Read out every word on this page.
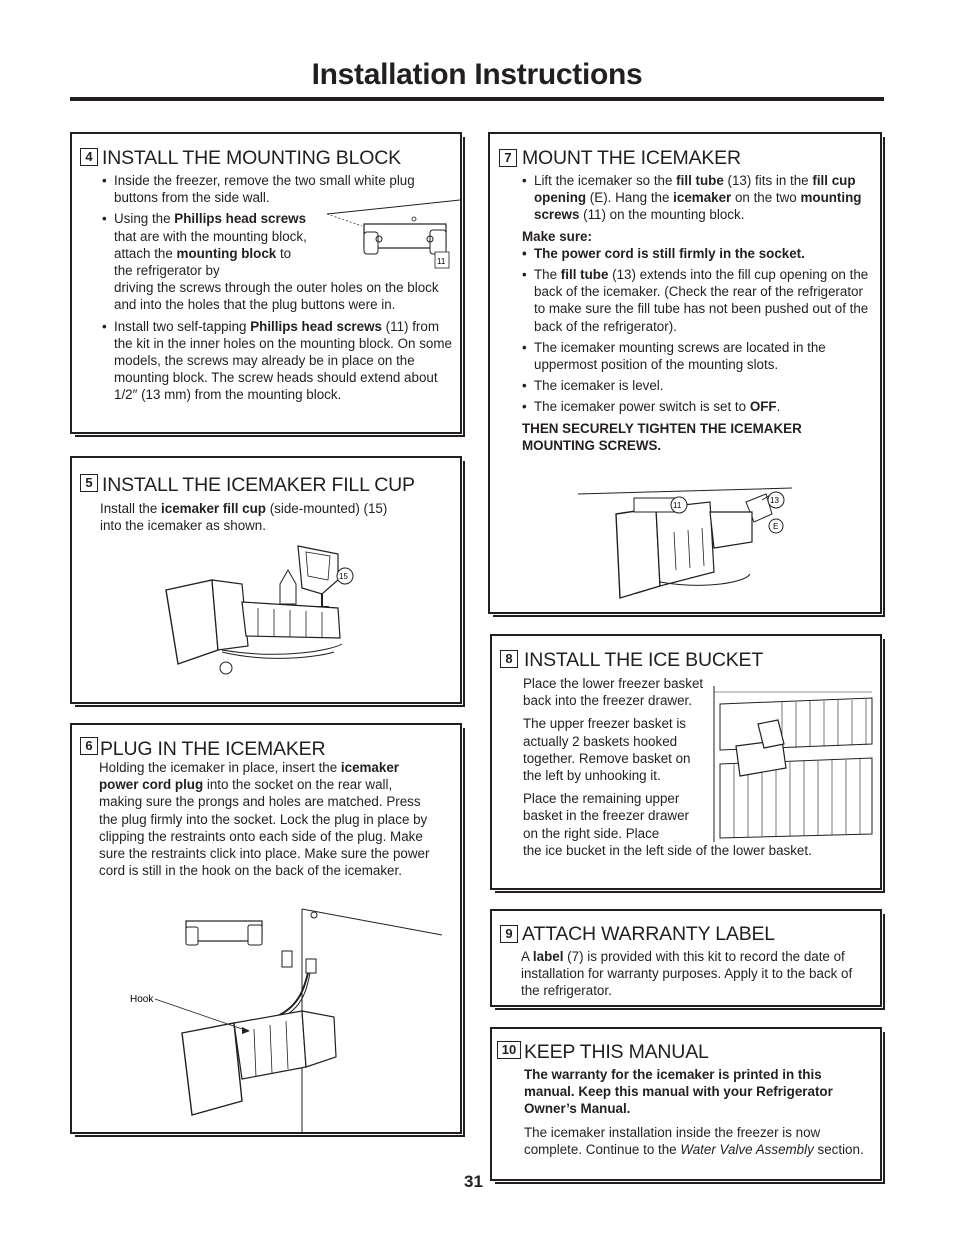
Installation Instructions
4 INSTALL THE MOUNTING BLOCK
• Inside the freezer, remove the two small white plug buttons from the side wall.
• Using the Phillips head screws that are with the mounting block, attach the mounting block to the refrigerator by
driving the screws through the outer holes on the block and into the holes that the plug buttons were in.
• Install two self-tapping Phillips head screws (11) from the kit in the inner holes on the mounting block. On some models, the screws may already be in place on the mounting block. The screw heads should extend about 1/2″ (13 mm) from the mounting block.
11
5 INSTALL THE ICEMAKER FILL CUP
Install the icemaker fill cup (side-mounted) (15) into the icemaker as shown.
15
6 PLUG IN THE ICEMAKER
Holding the icemaker in place, insert the icemaker power cord plug into the socket on the rear wall, making sure the prongs and holes are matched. Press the plug firmly into the socket. Lock the plug in place by clipping the restraints onto each side of the plug. Make sure the restraints click into place. Make sure the power cord is still in the hook on the back of the icemaker.
Hook
7 MOUNT THE ICEMAKER
• Lift the icemaker so the fill tube (13) fits in the fill cup opening (E). Hang the icemaker on the two mounting screws (11) on the mounting block.
Make sure:
• The power cord is still firmly in the socket.
• The fill tube (13) extends into the fill cup opening on the back of the icemaker. (Check the rear of the refrigerator to make sure the fill tube has not been pushed out of the back of the refrigerator).
• The icemaker mounting screws are located in the uppermost position of the mounting slots.
• The icemaker is level.
• The icemaker power switch is set to OFF.
THEN SECURELY TIGHTEN THE ICEMAKER MOUNTING SCREWS.
11
13
E
8 INSTALL THE ICE BUCKET
Place the lower freezer basket back into the freezer drawer.
The upper freezer basket is actually 2 baskets hooked together. Remove basket on the left by unhooking it.
Place the remaining upper basket in the freezer drawer on the right side. Place
the ice bucket in the left side of the lower basket.
9 ATTACH WARRANTY LABEL
A label (7) is provided with this kit to record the date of installation for warranty purposes. Apply it to the back of the refrigerator.
10 KEEP THIS MANUAL
The warranty for the icemaker is printed in this manual. Keep this manual with your Refrigerator Owner’s Manual.
The icemaker installation inside the freezer is now complete. Continue to the Water Valve Assembly section.
31
